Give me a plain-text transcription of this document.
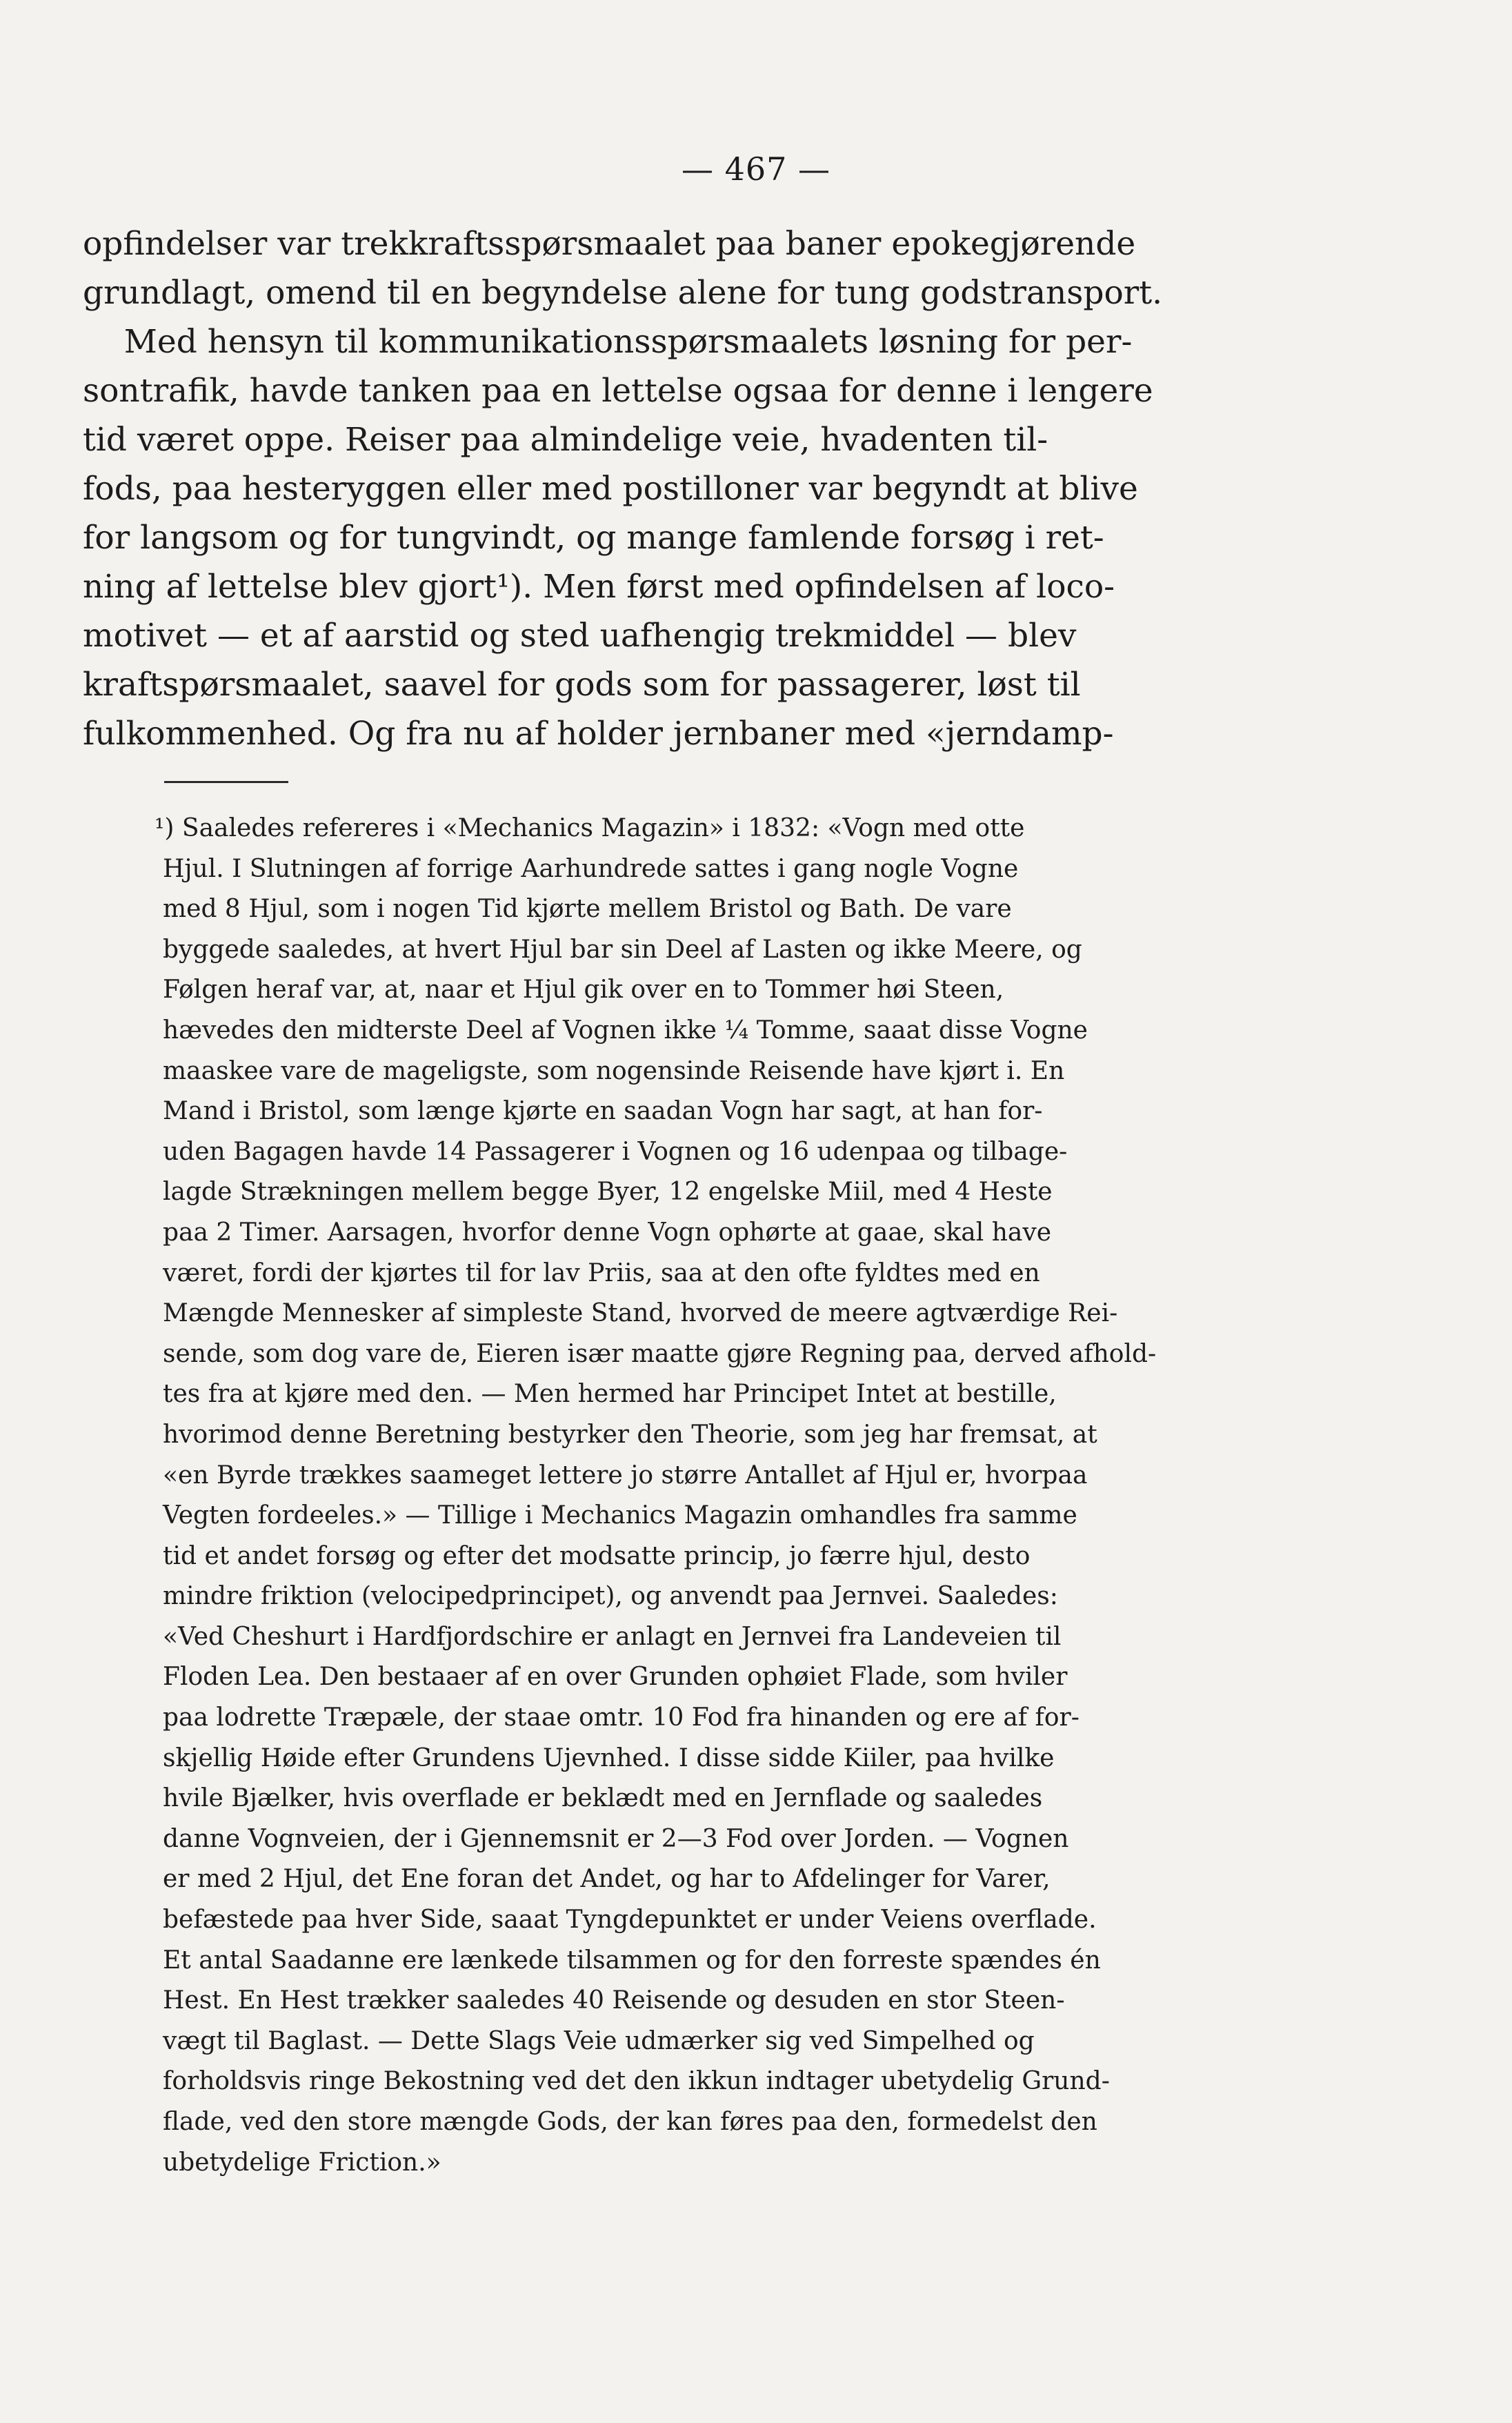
— 467 —
opfindelser var trekkraftsspørsmaalet paa baner epokegjørende
grundlagt, omend til en begyndelse alene for tung godstransport.
Med hensyn til kommunikationsspørsmaalets løsning for per-
sontrafik, havde tanken paa en lettelse ogsaa for denne i lengere
tid været oppe. Reiser paa almindelige veie, hvadenten til-
fods, paa hesteryggen eller med postilloner var begyndt at blive
for langsom og for tungvindt, og mange famlende forsøg i ret-
ning af lettelse blev gjort¹). Men først med opfindelsen af loco-
motivet — et af aarstid og sted uafhengig trekmiddel — blev
kraftspørsmaalet, saavel for gods som for passagerer, løst til
fulkommenhed. Og fra nu af holder jernbaner med «jerndamp-
¹) Saaledes refereres i «Mechanics Magazin» i 1832: «Vogn med otte
Hjul. I Slutningen af forrige Aarhundrede sattes i gang nogle Vogne
med 8 Hjul, som i nogen Tid kjørte mellem Bristol og Bath. De vare
byggede saaledes, at hvert Hjul bar sin Deel af Lasten og ikke Meere, og
Følgen heraf var, at, naar et Hjul gik over en to Tommer høi Steen,
hævedes den midterste Deel af Vognen ikke ¼ Tomme, saaat disse Vogne
maaskee vare de mageligste, som nogensinde Reisende have kjørt i. En
Mand i Bristol, som længe kjørte en saadan Vogn har sagt, at han for-
uden Bagagen havde 14 Passagerer i Vognen og 16 udenpaa og tilbage-
lagde Strækningen mellem begge Byer, 12 engelske Miil, med 4 Heste
paa 2 Timer. Aarsagen, hvorfor denne Vogn ophørte at gaae, skal have
været, fordi der kjørtes til for lav Priis, saa at den ofte fyldtes med en
Mængde Mennesker af simpleste Stand, hvorved de meere agtværdige Rei-
sende, som dog vare de, Eieren især maatte gjøre Regning paa, derved afhold-
tes fra at kjøre med den. — Men hermed har Principet Intet at bestille,
hvorimod denne Beretning bestyrker den Theorie, som jeg har fremsat, at
«en Byrde trækkes saameget lettere jo større Antallet af Hjul er, hvorpaa
Vegten fordeeles.» — Tillige i Mechanics Magazin omhandles fra samme
tid et andet forsøg og efter det modsatte princip, jo færre hjul, desto
mindre friktion (velocipedprincipet), og anvendt paa Jernvei. Saaledes:
«Ved Cheshurt i Hardfjordschire er anlagt en Jernvei fra Landeveien til
Floden Lea. Den bestaaer af en over Grunden ophøiet Flade, som hviler
paa lodrette Træpæle, der staae omtr. 10 Fod fra hinanden og ere af for-
skjellig Høide efter Grundens Ujevnhed. I disse sidde Kiiler, paa hvilke
hvile Bjælker, hvis overflade er beklædt med en Jernflade og saaledes
danne Vognveien, der i Gjennemsnit er 2—3 Fod over Jorden. — Vognen
er med 2 Hjul, det Ene foran det Andet, og har to Afdelinger for Varer,
befæstede paa hver Side, saaat Tyngdepunktet er under Veiens overflade.
Et antal Saadanne ere lænkede tilsammen og for den forreste spændes én
Hest. En Hest trækker saaledes 40 Reisende og desuden en stor Steen-
vægt til Baglast. — Dette Slags Veie udmærker sig ved Simpelhed og
forholdsvis ringe Bekostning ved det den ikkun indtager ubetydelig Grund-
flade, ved den store mængde Gods, der kan føres paa den, formedelst den
ubetydelige Friction.»
